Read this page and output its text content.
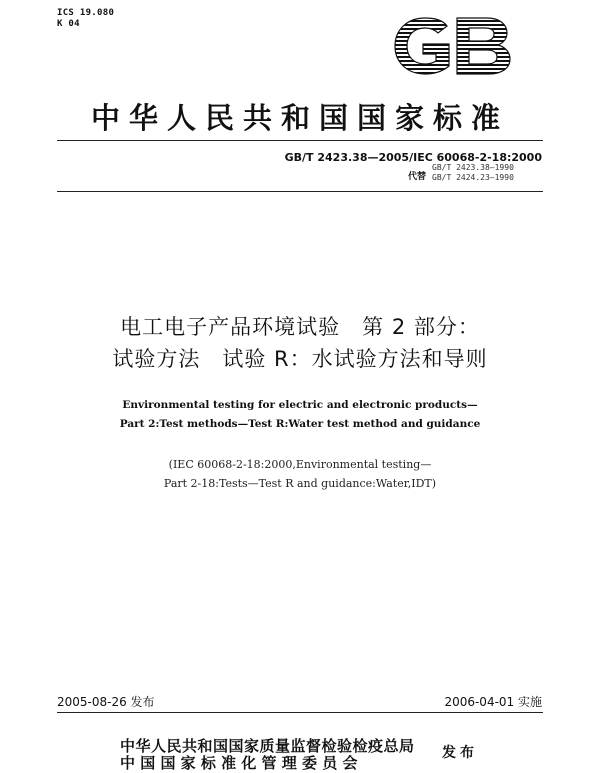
ICS 19.080
K 04
中华人民共和国国家标准
GB/T 2423.38—2005/IEC 60068-2-18:2000
代替
GB/T 2423.38—1990
GB/T 2424.23—1990
电工电子产品环境试验　第 2 部分：
试验方法　试验 R：水试验方法和导则
Environmental testing for electric and electronic products—
Part 2:Test methods—Test R:Water test method and guidance
(IEC 60068-2-18:2000,Environmental testing—
Part 2-18:Tests—Test R and guidance:Water,IDT)
2005-08-26 发布	2006-04-01 实施
中华人民共和国国家质量监督检验检疫总局
中 国 国 家 标 准 化 管 理 委 员 会
发布
